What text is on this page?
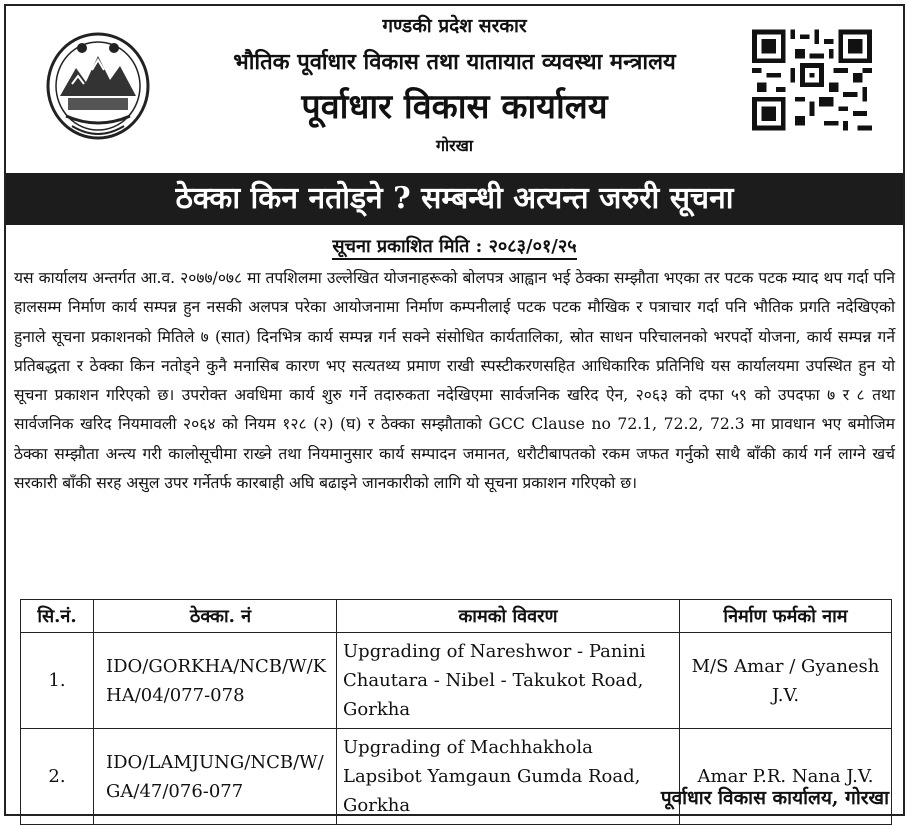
गण्डकी प्रदेश सरकार
भौतिक पूर्वाधार विकास तथा यातायात व्यवस्था मन्त्रालय
पूर्वाधार विकास कार्यालय
गोरखा
ठेक्का किन नतोड्ने ? सम्बन्धी अत्यन्त जरुरी सूचना
सूचना प्रकाशित मिति : २०८३/०१/२५

यस कार्यालय अन्तर्गत आ.व. २०७७/०७८ मा तपशिलमा उल्लेखित योजनाहरूको बोलपत्र आह्वान भई ठेक्का सम्झौता भएका तर पटक पटक म्याद थप गर्दा पनि हालसम्म निर्माण कार्य सम्पन्न हुन नसकी अलपत्र परेका आयोजनामा निर्माण कम्पनीलाई पटक पटक मौखिक र पत्राचार गर्दा पनि भौतिक प्रगति नदेखिएको हुनाले सूचना प्रकाशनको मितिले ७ (सात) दिनभित्र कार्य सम्पन्न गर्न सक्ने संसोधित कार्यतालिका, स्रोत साधन परिचालनको भरपर्दो योजना, कार्य सम्पन्न गर्ने प्रतिबद्धता र ठेक्का किन नतोड्ने कुनै मनासिब कारण भए सत्यतथ्य प्रमाण राखी स्पस्टीकरणसहित आधिकारिक प्रतिनिधि यस कार्यालयमा उपस्थित हुन यो सूचना प्रकाशन गरिएको छ। उपरोक्त अवधिमा कार्य शुरु गर्ने तदारुकता नदेखिएमा सार्वजनिक खरिद ऐन, २०६३ को दफा ५९ को उपदफा ७ र ८ तथा सार्वजनिक खरिद नियमावली २०६४ को नियम १२८ (२) (घ) र ठेक्का सम्झौताको GCC Clause no 72.1, 72.2, 72.3 मा प्रावधान भए बमोजिम ठेक्का सम्झौता अन्त्य गरी कालोसूचीमा राख्ने तथा नियमानुसार कार्य सम्पादन जमानत, धरौटीबापतको रकम जफत गर्नुको साथै बाँकी कार्य गर्न लाग्ने खर्च सरकारी बाँकी सरह असुल उपर गर्नेतर्फ कारबाही अघि बढाइने जानकारीको लागि यो सूचना प्रकाशन गरिएको छ।

सि.नं.	ठेक्का. नं	कामको विवरण	निर्माण फर्मको नाम
1.	IDO/GORKHA/NCB/W/KHA/04/077-078	Upgrading of Nareshwor - Panini Chautara - Nibel - Takukot Road, Gorkha	M/S Amar / Gyanesh J.V.
2.	IDO/LAMJUNG/NCB/W/GA/47/076-077	Upgrading of Machhakhola Lapsibot Yamgaun Gumda Road, Gorkha	Amar P.R. Nana J.V.
पूर्वाधार विकास कार्यालय, गोरखा
